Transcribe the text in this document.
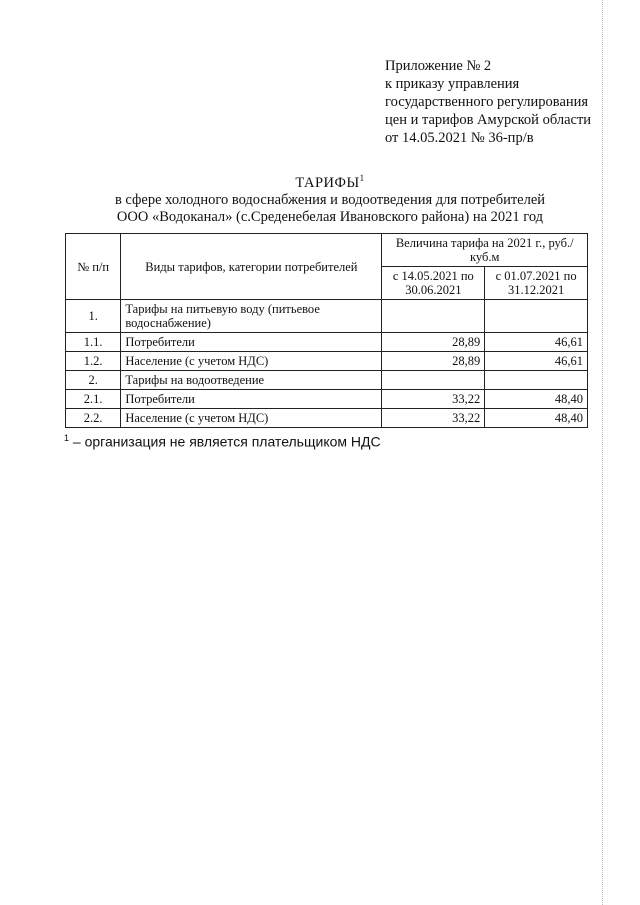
Приложение № 2
к приказу управления
государственного регулирования
цен и тарифов Амурской области
от 14.05.2021 № 36-пр/в
ТАРИФЫ$^1$
в сфере холодного водоснабжения и водоотведения для потребителей
ООО «Водоканал» (с.Среденебелая Ивановского района) на 2021 год
№ п/п	Виды тарифов, категории потребителей	Величина тарифа на 2021 г., руб./куб.м	
		с 14.05.2021 по 30.06.2021	с 01.07.2021 по 31.12.2021
1.	Тарифы на питьевую воду (питьевое водоснабжение)		
1.1.	Потребители	28,89	46,61
1.2.	Население (с учетом НДС)	28,89	46,61
2.	Тарифы на водоотведение		
2.1.	Потребители	33,22	48,40
2.2.	Население (с учетом НДС)	33,22	48,40
$^1$ – организация не является плательщиком НДС
